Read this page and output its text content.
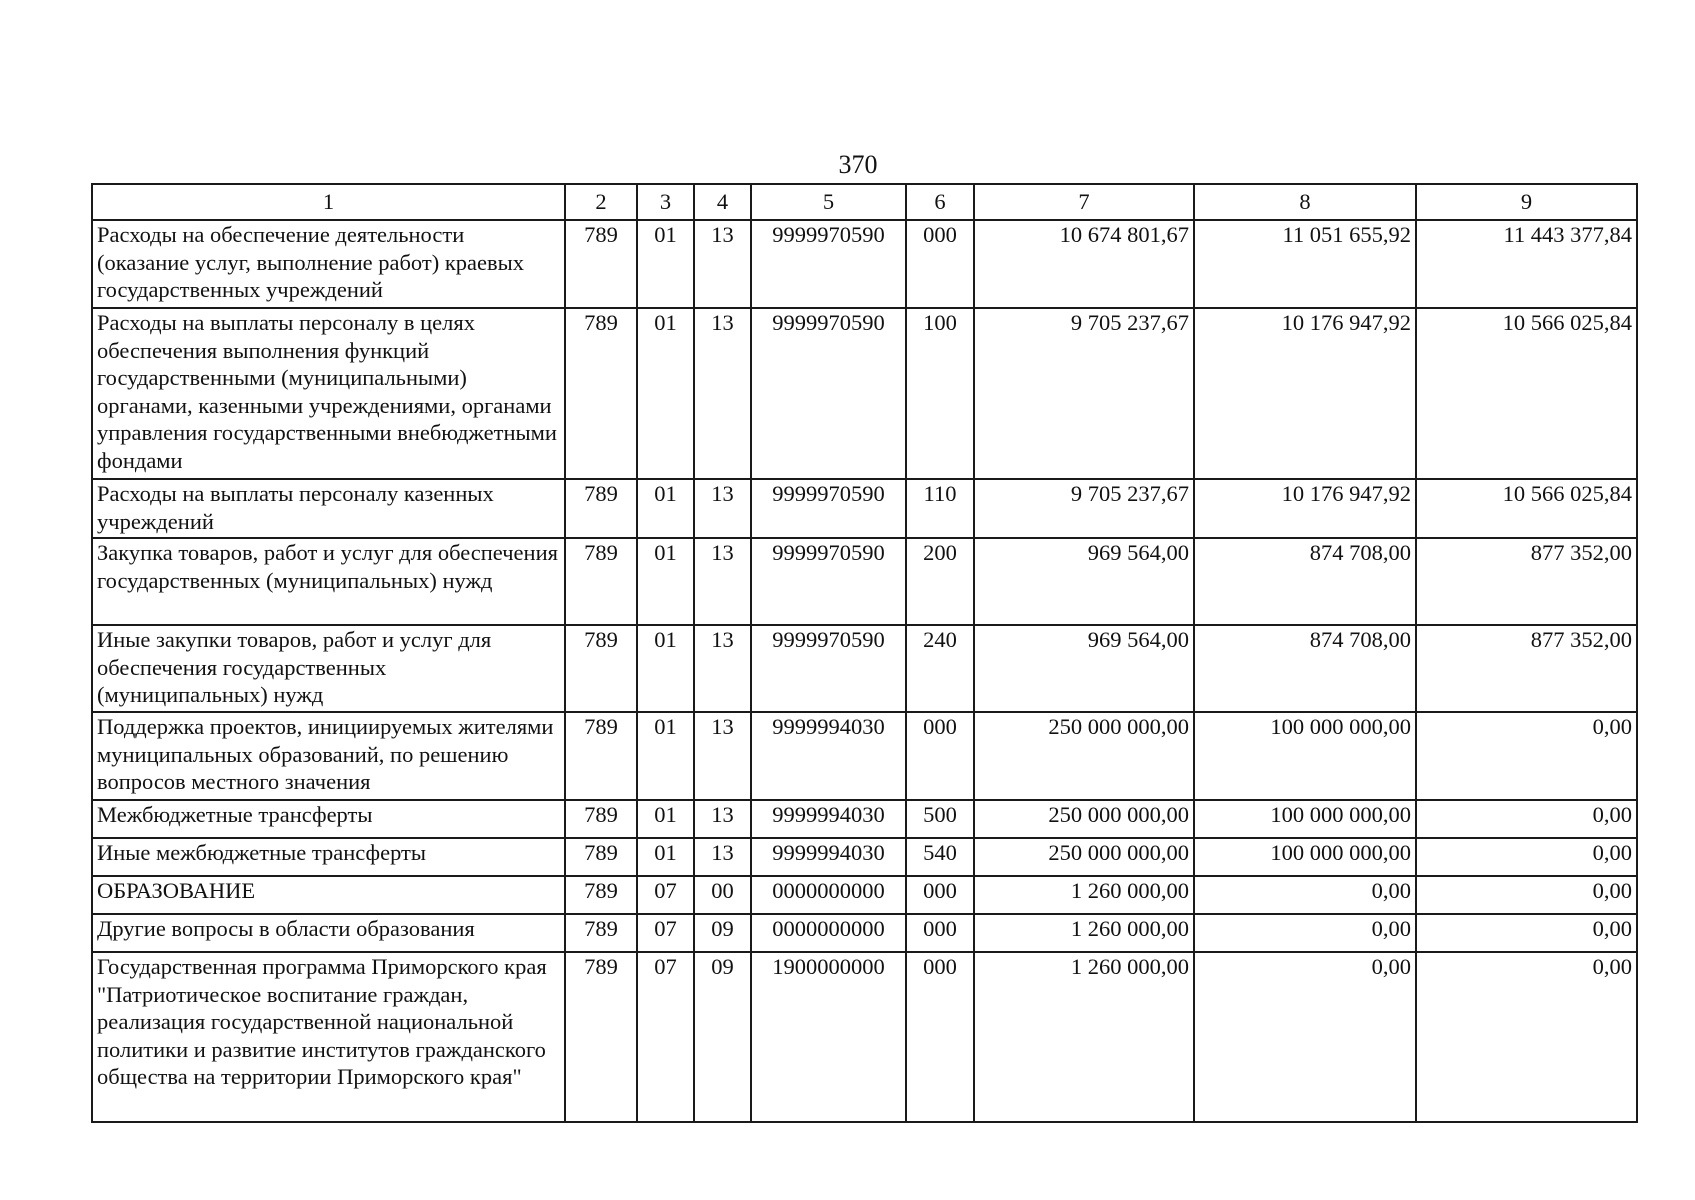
370
1	2	3	4	5	6	7	8	9
Расходы на обеспечение деятельности (оказание услуг, выполнение работ) краевых государственных учреждений	789	01	13	9999970590	000	10 674 801,67	11 051 655,92	11 443 377,84
Расходы на выплаты персоналу в целях обеспечения выполнения функций государственными (муниципальными) органами, казенными учреждениями, органами управления государственными внебюджетными фондами	789	01	13	9999970590	100	9 705 237,67	10 176 947,92	10 566 025,84
Расходы на выплаты персоналу казенных учреждений	789	01	13	9999970590	110	9 705 237,67	10 176 947,92	10 566 025,84
Закупка товаров, работ и услуг для обеспечения государственных (муниципальных) нужд	789	01	13	9999970590	200	969 564,00	874 708,00	877 352,00
Иные закупки товаров, работ и услуг для обеспечения государственных (муниципальных) нужд	789	01	13	9999970590	240	969 564,00	874 708,00	877 352,00
Поддержка проектов, инициируемых жителями муниципальных образований, по решению вопросов местного значения	789	01	13	9999994030	000	250 000 000,00	100 000 000,00	0,00
Межбюджетные трансферты	789	01	13	9999994030	500	250 000 000,00	100 000 000,00	0,00
Иные межбюджетные трансферты	789	01	13	9999994030	540	250 000 000,00	100 000 000,00	0,00
ОБРАЗОВАНИЕ	789	07	00	0000000000	000	1 260 000,00	0,00	0,00
Другие вопросы в области образования	789	07	09	0000000000	000	1 260 000,00	0,00	0,00
Государственная программа Приморского края "Патриотическое воспитание граждан, реализация государственной национальной политики и развитие институтов гражданского общества на территории Приморского края"	789	07	09	1900000000	000	1 260 000,00	0,00	0,00
